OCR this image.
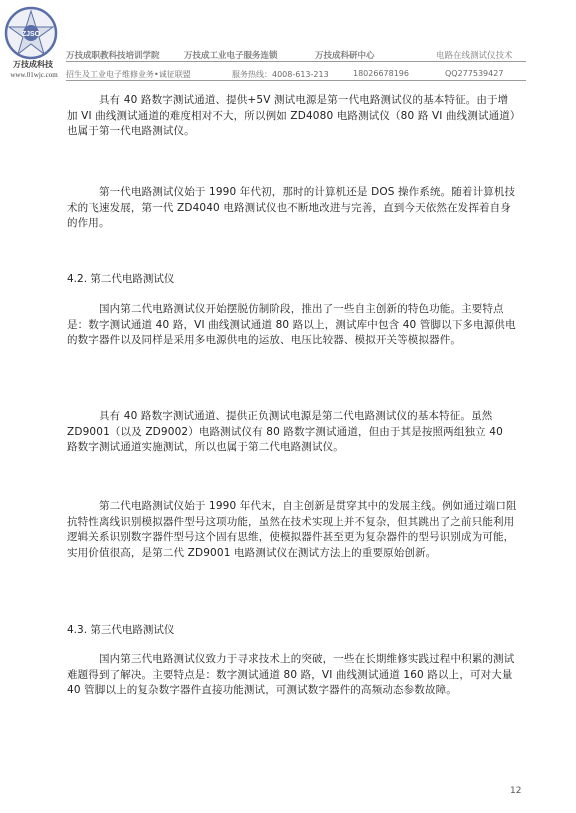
ZJSO
万技成科技
www.01wjc.com
万技成职教科技培训学院	万技成工业电子服务连锁	万技成科研中心	电路在线测试仪技术
招生及工业电子维修业务•诚征联盟	服务热线：4008-613-213	18026678196	QQ277539427
具有 40 路数字测试通道、提供+5V 测试电源是第一代电路测试仪的基本特征。由于增加 VI 曲线测试通道的难度相对不大，所以例如 ZD4080 电路测试仪（80 路 VI 曲线测试通道）也属于第一代电路测试仪。
第一代电路测试仪始于 1990 年代初，那时的计算机还是 DOS 操作系统。随着计算机技术的飞速发展，第一代 ZD4040 电路测试仪也不断地改进与完善，直到今天依然在发挥着自身的作用。
4.2. 第二代电路测试仪
国内第二代电路测试仪开始摆脱仿制阶段，推出了一些自主创新的特色功能。主要特点是：数字测试通道 40 路，VI 曲线测试通道 80 路以上，测试库中包含 40 管脚以下多电源供电的数字器件以及同样是采用多电源供电的运放、电压比较器、模拟开关等模拟器件。
具有 40 路数字测试通道、提供正负测试电源是第二代电路测试仪的基本特征。虽然 ZD9001（以及 ZD9002）电路测试仪有 80 路数字测试通道，但由于其是按照两组独立 40 路数字测试通道实施测试，所以也属于第二代电路测试仪。
第二代电路测试仪始于 1990 年代末，自主创新是贯穿其中的发展主线。例如通过端口阻抗特性离线识别模拟器件型号这项功能，虽然在技术实现上并不复杂，但其跳出了之前只能利用逻辑关系识别数字器件型号这个固有思维，使模拟器件甚至更为复杂器件的型号识别成为可能，实用价值很高，是第二代 ZD9001 电路测试仪在测试方法上的重要原始创新。
4.3. 第三代电路测试仪
国内第三代电路测试仪致力于寻求技术上的突破，一些在长期维修实践过程中积累的测试难题得到了解决。主要特点是：数字测试通道 80 路，VI 曲线测试通道 160 路以上，可对大量 40 管脚以上的复杂数字器件直接功能测试，可测试数字器件的高频动态参数故障。
12
